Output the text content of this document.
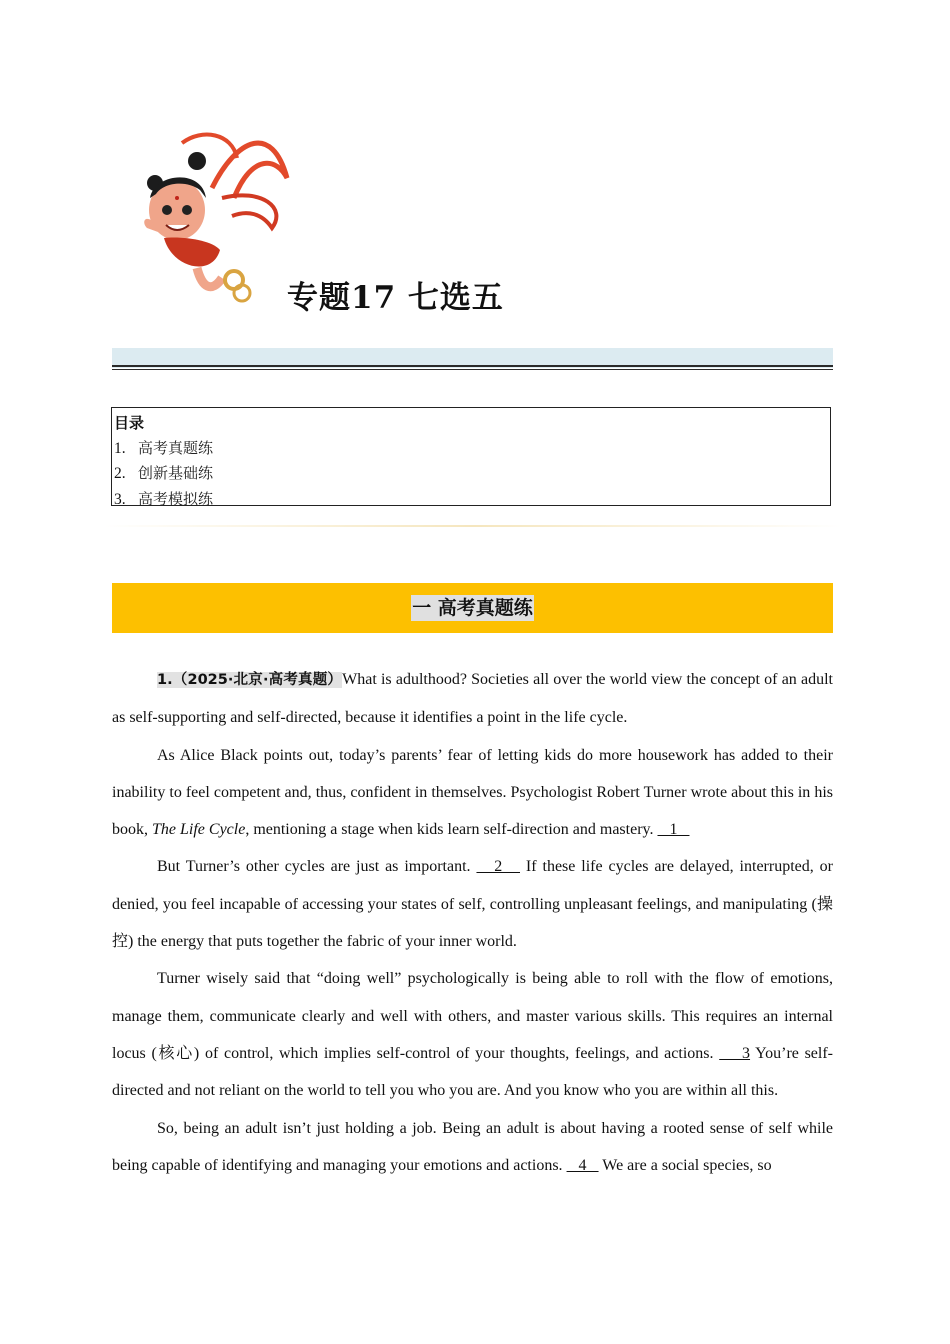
专题17 七选五
目录
1. 高考真题练
2. 创新基础练
3. 高考模拟练
一 高考真题练

1.（2025·北京·高考真题）What is adulthood? Societies all over the world view the concept of an adult as self-supporting and self-directed, because it identifies a point in the life cycle.

As Alice Black points out, today’s parents’ fear of letting kids do more housework has added to their inability to feel competent and, thus, confident in themselves. Psychologist Robert Turner wrote about this in his book, The Life Cycle, mentioning a stage when kids learn self-direction and mastery.    1

But Turner’s other cycles are just as important.    2    If these life cycles are delayed, interrupted, or denied, you feel incapable of accessing your states of self, controlling unpleasant feelings, and manipulating (操控) the energy that puts together the fabric of your inner world.

Turner wisely said that “doing well” psychologically is being able to roll with the flow of emotions, manage them, communicate clearly and well with others, and master various skills. This requires an internal locus (核心) of control, which implies self-control of your thoughts, feelings, and actions.     3 You’re self-directed and not reliant on the world to tell you who you are. And you know who you are within all this.

So, being an adult isn’t just holding a job. Being an adult is about having a rooted sense of self while being capable of identifying and managing your emotions and actions.    4    We are a social species, so
